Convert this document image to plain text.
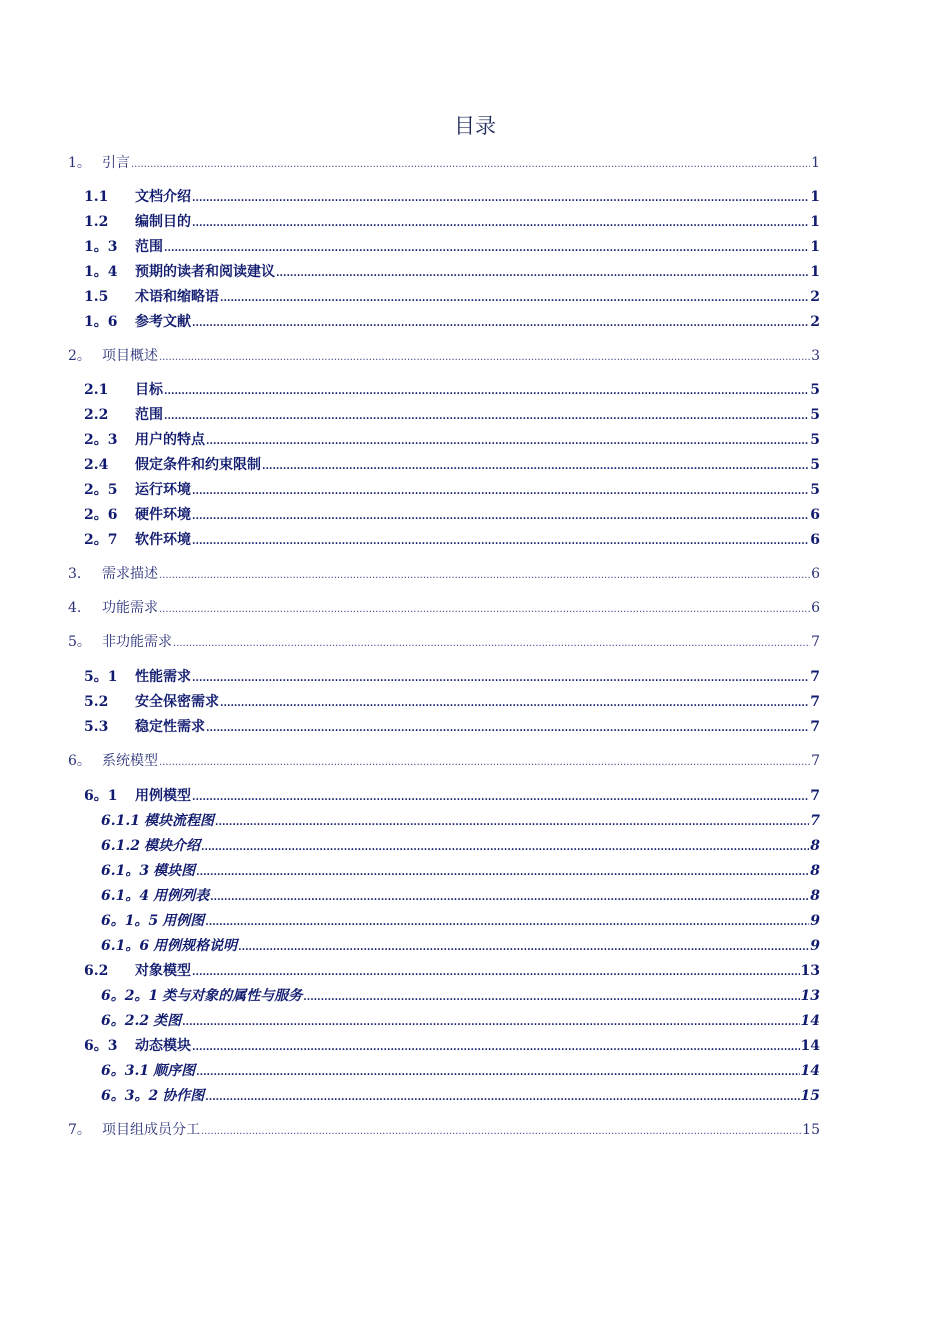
目录
1。 引言 .....	1
1.1	文档介绍 .....	1
1.2	编制目的 .....	1
1。3	范围 .....	1
1。4	预期的读者和阅读建议 .....	1
1.5	术语和缩略语 .....	2
1。6	参考文献 .....	2
2。 项目概述 .....	3
2.1	目标 .....	5
2.2	范围 .....	5
2。3	用户的特点 .....	5
2.4	假定条件和约束限制 .....	5
2。5	运行环境 .....	5
2。6	硬件环境 .....	6
2。7	软件环境 .....	6
3.	需求描述 .....	6
4.	功能需求 .....	6
5。 非功能需求 .....	7
5。1	性能需求 .....	7
5.2	安全保密需求 .....	7
5.3	稳定性需求 .....	7
6。 系统模型 .....	7
6。1	用例模型 .....	7
6.1.1 模块流程图 .....	7
6.1.2 模块介绍 .....	8
6.1。3 模块图 .....	8
6.1。4 用例列表 .....	8
6。1。5 用例图 .....	9
6.1。6 用例规格说明 .....	9
6.2	对象模型 .....	13
6。2。1 类与对象的属性与服务 .....	13
6。2.2 类图 .....	14
6。3	动态模块 .....	14
6。3.1 顺序图 .....	14
6。3。2 协作图 .....	15
7。 项目组成员分工 .....	15
